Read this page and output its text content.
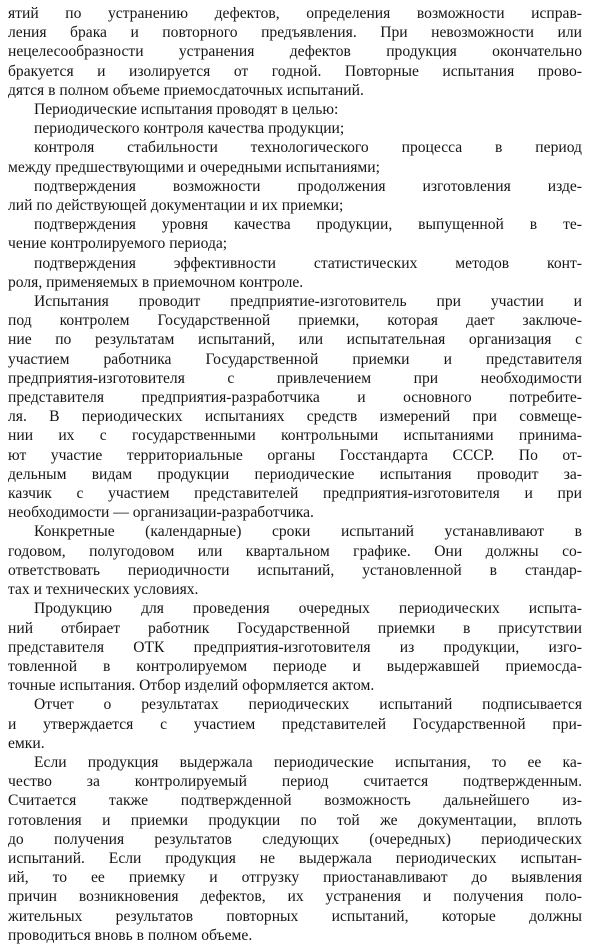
ятий по устранению дефектов, определения возможности исправ-
ления брака и повторного предъявления. При невозможности или
нецелесообразности устранения дефектов продукция окончательно
бракуется и изолируется от годной. Повторные испытания прово-
дятся в полном объеме приемосдаточных испытаний.
Периодические испытания проводят в целью:
периодического контроля качества продукции;
контроля стабильности технологического процесса в период
между предшествующими и очередными испытаниями;
подтверждения возможности продолжения изготовления изде-
лий по действующей документации и их приемки;
подтверждения уровня качества продукции, выпущенной в те-
чение контролируемого периода;
подтверждения эффективности статистических методов конт-
роля, применяемых в приемочном контроле.
Испытания проводит предприятие-изготовитель при участии и
под контролем Государственной приемки, которая дает заключе-
ние по результатам испытаний, или испытательная организация с
участием работника Государственной приемки и представителя
предприятия-изготовителя с привлечением при необходимости
представителя предприятия-разработчика и основного потребите-
ля. В периодических испытаниях средств измерений при совмеще-
нии их с государственными контрольными испытаниями принима-
ют участие территориальные органы Госстандарта СССР. По от-
дельным видам продукции периодические испытания проводит за-
казчик с участием представителей предприятия-изготовителя и при
необходимости — организации-разработчика.
Конкретные (календарные) сроки испытаний устанавливают в
годовом, полугодовом или квартальном графике. Они должны со-
ответствовать периодичности испытаний, установленной в стандар-
тах и технических условиях.
Продукцию для проведения очередных периодических испыта-
ний отбирает работник Государственной приемки в присутствии
представителя ОТК предприятия-изготовителя из продукции, изго-
товленной в контролируемом периоде и выдержавшей приемосда-
точные испытания. Отбор изделий оформляется актом.
Отчет о результатах периодических испытаний подписывается
и утверждается с участием представителей Государственной при-
емки.
Если продукция выдержала периодические испытания, то ее ка-
чество за контролируемый период считается подтвержденным.
Считается также подтвержденной возможность дальнейшего из-
готовления и приемки продукции по той же документации, вплоть
до получения результатов следующих (очередных) периодических
испытаний. Если продукция не выдержала периодических испытан-
ий, то ее приемку и отгрузку приостанавливают до выявления
причин возникновения дефектов, их устранения и получения поло-
жительных результатов повторных испытаний, которые должны
проводиться вновь в полном объеме.
